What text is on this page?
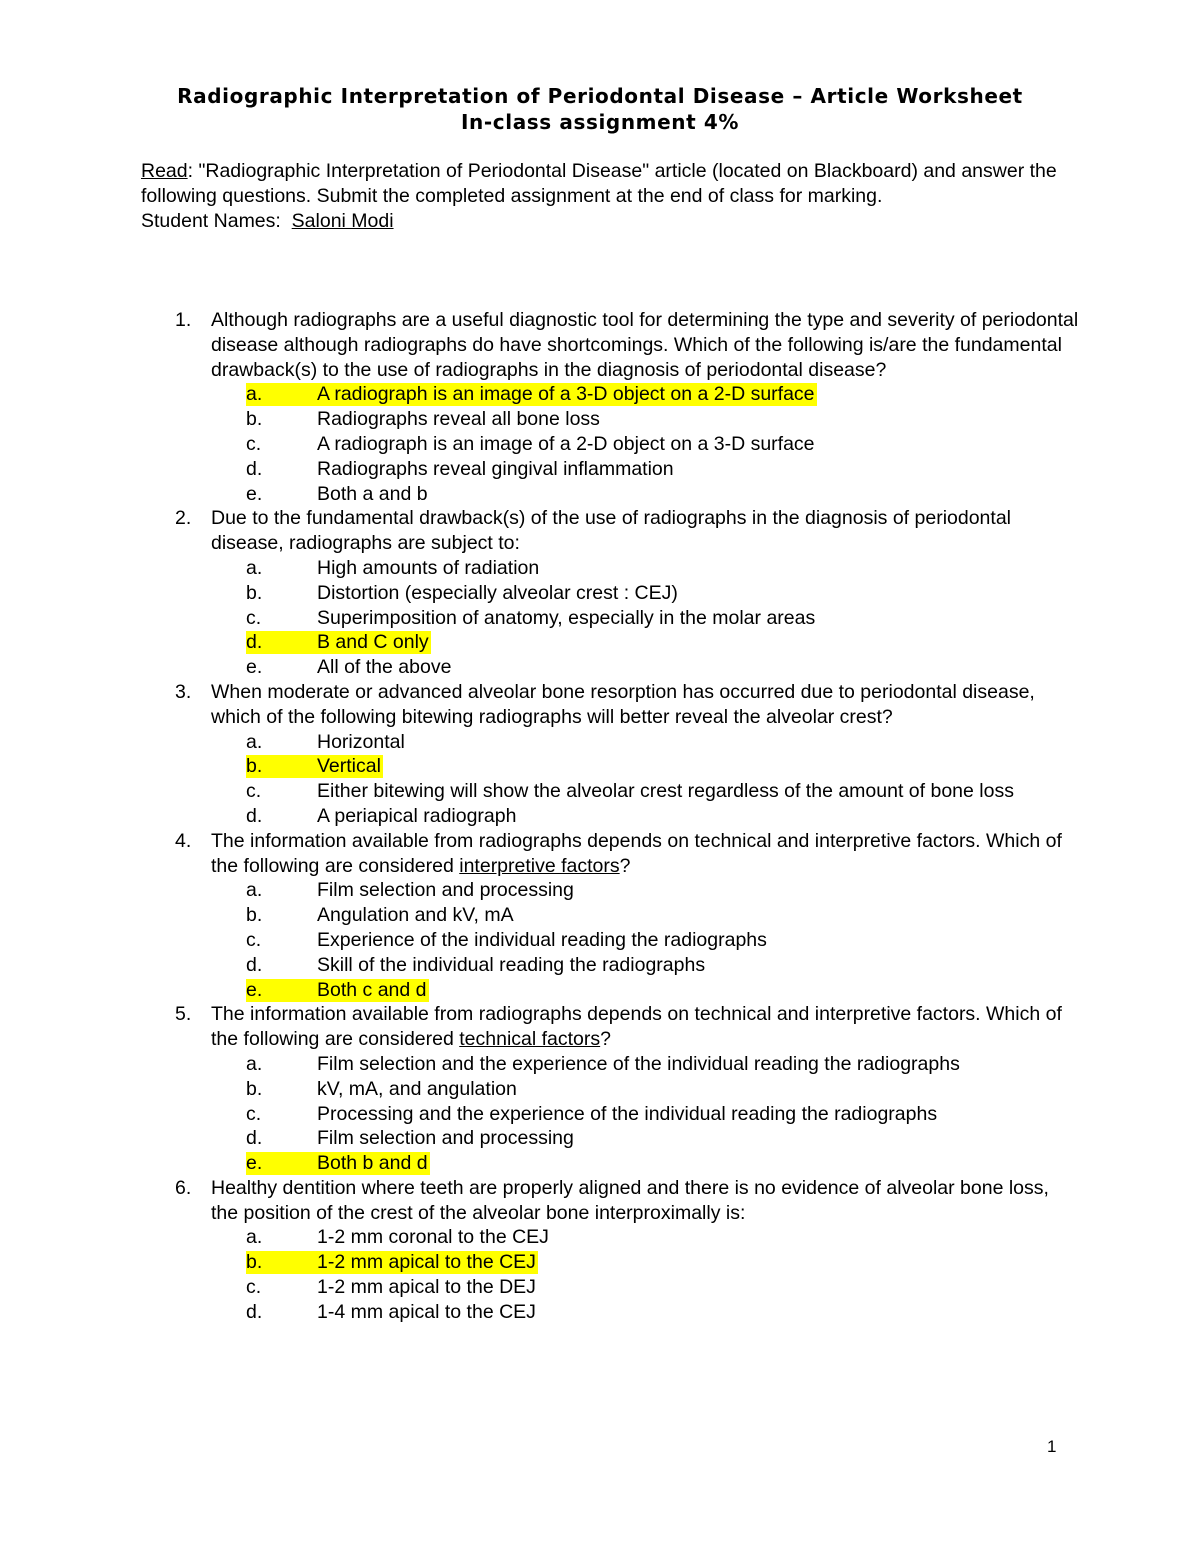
Radiographic Interpretation of Periodontal Disease – Article Worksheet
In-class assignment 4%

Read: "Radiographic Interpretation of Periodontal Disease" article (located on Blackboard) and answer the following questions. Submit the completed assignment at the end of class for marking.

Student Names: Saloni Modi

1. Although radiographs are a useful diagnostic tool for determining the type and severity of periodontal disease although radiographs do have shortcomings. Which of the following is/are the fundamental drawback(s) to the use of radiographs in the diagnosis of periodontal disease?
a.	A radiograph is an image of a 3-D object on a 2-D surface
b.	Radiographs reveal all bone loss
c.	A radiograph is an image of a 2-D object on a 3-D surface
d.	Radiographs reveal gingival inflammation
e.	Both a and b
2. Due to the fundamental drawback(s) of the use of radiographs in the diagnosis of periodontal disease, radiographs are subject to:
a.	High amounts of radiation
b.	Distortion (especially alveolar crest : CEJ)
c.	Superimposition of anatomy, especially in the molar areas
d.	B and C only
e.	All of the above
3. When moderate or advanced alveolar bone resorption has occurred due to periodontal disease, which of the following bitewing radiographs will better reveal the alveolar crest?
a.	Horizontal
b.	Vertical
c.	Either bitewing will show the alveolar crest regardless of the amount of bone loss
d.	A periapical radiograph
4. The information available from radiographs depends on technical and interpretive factors. Which of the following are considered interpretive factors?
a.	Film selection and processing
b.	Angulation and kV, mA
c.	Experience of the individual reading the radiographs
d.	Skill of the individual reading the radiographs
e.	Both c and d
5. The information available from radiographs depends on technical and interpretive factors. Which of the following are considered technical factors?
a.	Film selection and the experience of the individual reading the radiographs
b.	kV, mA, and angulation
c.	Processing and the experience of the individual reading the radiographs
d.	Film selection and processing
e.	Both b and d
6. Healthy dentition where teeth are properly aligned and there is no evidence of alveolar bone loss, the position of the crest of the alveolar bone interproximally is:
a.	1-2 mm coronal to the CEJ
b.	1-2 mm apical to the CEJ
c.	1-2 mm apical to the DEJ
d.	1-4 mm apical to the CEJ
1
